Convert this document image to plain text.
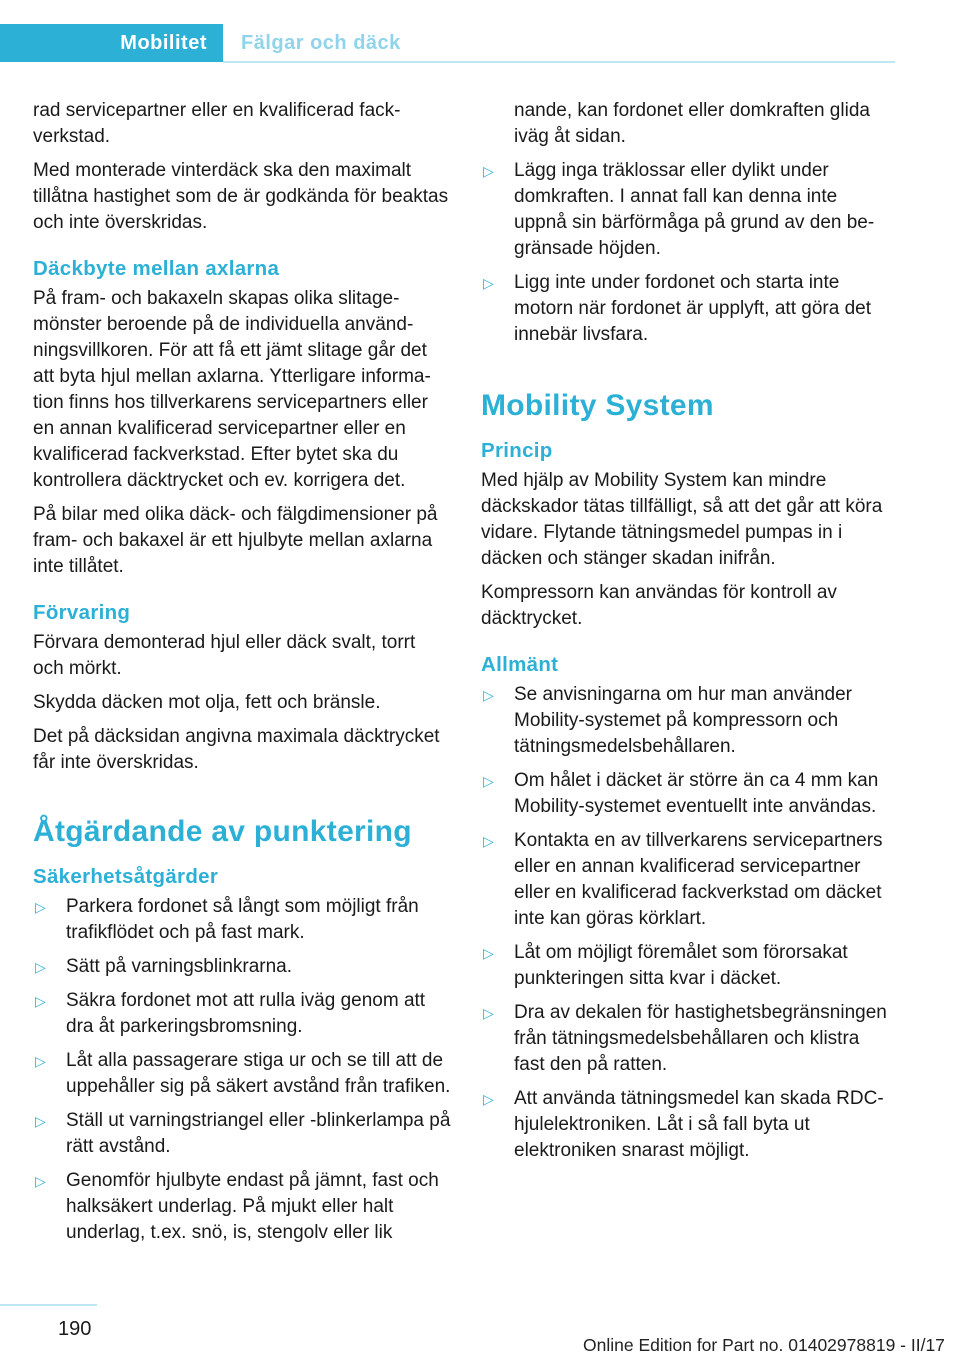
Mobilitet	Fälgar och däck

rad servicepartner eller en kvalificerad fackverkstad.

Med monterade vinterdäck ska den maximalt tillåtna hastighet som de är godkända för beaktas och inte överskridas.

Däckbyte mellan axlarna

På fram- och bakaxeln skapas olika slitagemönster beroende på de individuella användningsvillkoren. För att få ett jämt slitage går det att byta hjul mellan axlarna. Ytterligare information finns hos tillverkarens servicepartners eller en annan kvalificerad servicepartner eller en kvalificerad fackverkstad. Efter bytet ska du kontrollera däcktrycket och ev. korrigera det.

På bilar med olika däck- och fälgdimensioner på fram- och bakaxel är ett hjulbyte mellan axlarna inte tillåtet.

Förvaring

Förvara demonterad hjul eller däck svalt, torrt och mörkt.

Skydda däcken mot olja, fett och bränsle.

Det på däcksidan angivna maximala däcktrycket får inte överskridas.

Åtgärdande av punktering
Säkerhetsåtgärder
▷ Parkera fordonet så långt som möjligt från trafikflödet och på fast mark.
▷ Sätt på varningsblinkrarna.
▷ Säkra fordonet mot att rulla iväg genom att dra åt parkeringsbromsning.
▷ Låt alla passagerare stiga ur och se till att de uppehåller sig på säkert avstånd från trafiken.
▷ Ställ ut varningstriangel eller -blinkerlampa på rätt avstånd.
▷ Genomför hjulbyte endast på jämnt, fast och halksäkert underlag. På mjukt eller halt underlag, t.ex. snö, is, stengolv eller lik
nande, kan fordonet eller domkraften glida iväg åt sidan.
▷ Lägg inga träklossar eller dylikt under domkraften. I annat fall kan denna inte uppnå sin bärförmåga på grund av den begränsade höjden.
▷ Ligg inte under fordonet och starta inte motorn när fordonet är upplyft, att göra det innebär livsfara.
Mobility System
Princip

Med hjälp av Mobility System kan mindre däckskador tätas tillfälligt, så att det går att köra vidare. Flytande tätningsmedel pumpas in i däcken och stänger skadan inifrån.

Kompressorn kan användas för kontroll av däcktrycket.

Allmänt
▷ Se anvisningarna om hur man använder Mobility-systemet på kompressorn och tätningsmedelsbehållaren.
▷ Om hålet i däcket är större än ca 4 mm kan Mobility-systemet eventuellt inte användas.
▷ Kontakta en av tillverkarens servicepartners eller en annan kvalificerad servicepartner eller en kvalificerad fackverkstad om däcket inte kan göras körklart.
▷ Låt om möjligt föremålet som förorsakat punkteringen sitta kvar i däcket.
▷ Dra av dekalen för hastighetsbegränsningen från tätningsmedelsbehållaren och klistra fast den på ratten.
▷ Att använda tätningsmedel kan skada RDC-hjulelektroniken. Låt i så fall byta ut elektroniken snarast möjligt.
190
Online Edition for Part no. 01402978819 - II/17
